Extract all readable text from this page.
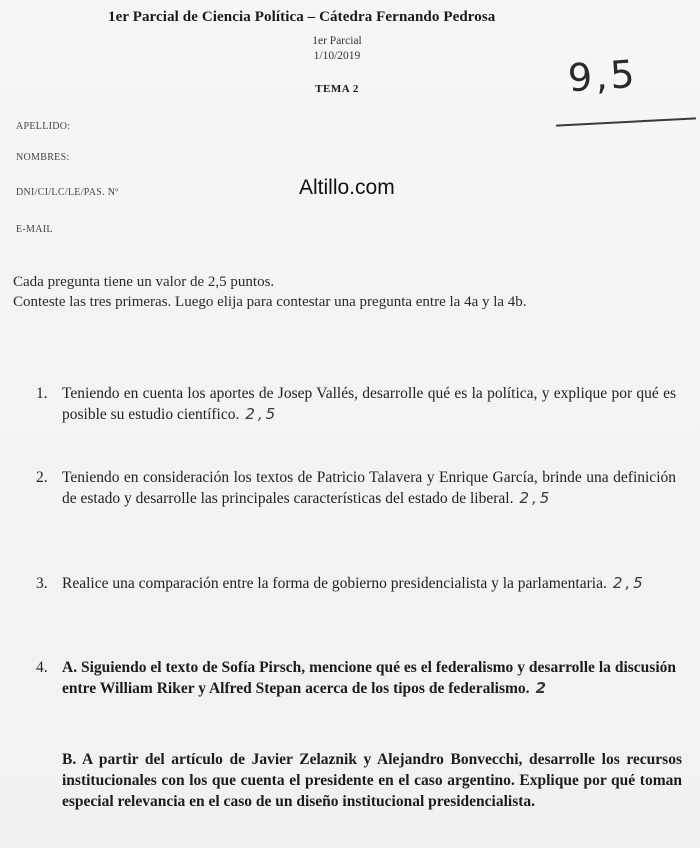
1er Parcial de Ciencia Política – Cátedra Fernando Pedrosa
1er Parcial
1/10/2019
TEMA 2	9,5
APELLIDO:
NOMBRES:
DNI/CI/LC/LE/PAS. Nº
E-MAIL
Altillo.com
Cada pregunta tiene un valor de 2,5 puntos.
Conteste las tres primeras. Luego elija para contestar una pregunta entre la 4a y la 4b.
1. Teniendo en cuenta los aportes de Josep Vallés, desarrolle qué es la política, y explique por qué es posible su estudio científico. 2,5
2. Teniendo en consideración los textos de Patricio Talavera y Enrique García, brinde una definición de estado y desarrolle las principales características del estado de liberal. 2,5
3. Realice una comparación entre la forma de gobierno presidencialista y la parlamentaria. 2,5
4. A. Siguiendo el texto de Sofía Pirsch, mencione qué es el federalismo y desarrolle la discusión entre William Riker y Alfred Stepan acerca de los tipos de federalismo. 2
B. A partir del artículo de Javier Zelaznik y Alejandro Bonvecchi, desarrolle los recursos institucionales con los que cuenta el presidente en el caso argentino. Explique por qué toman especial relevancia en el caso de un diseño institucional presidencialista.
